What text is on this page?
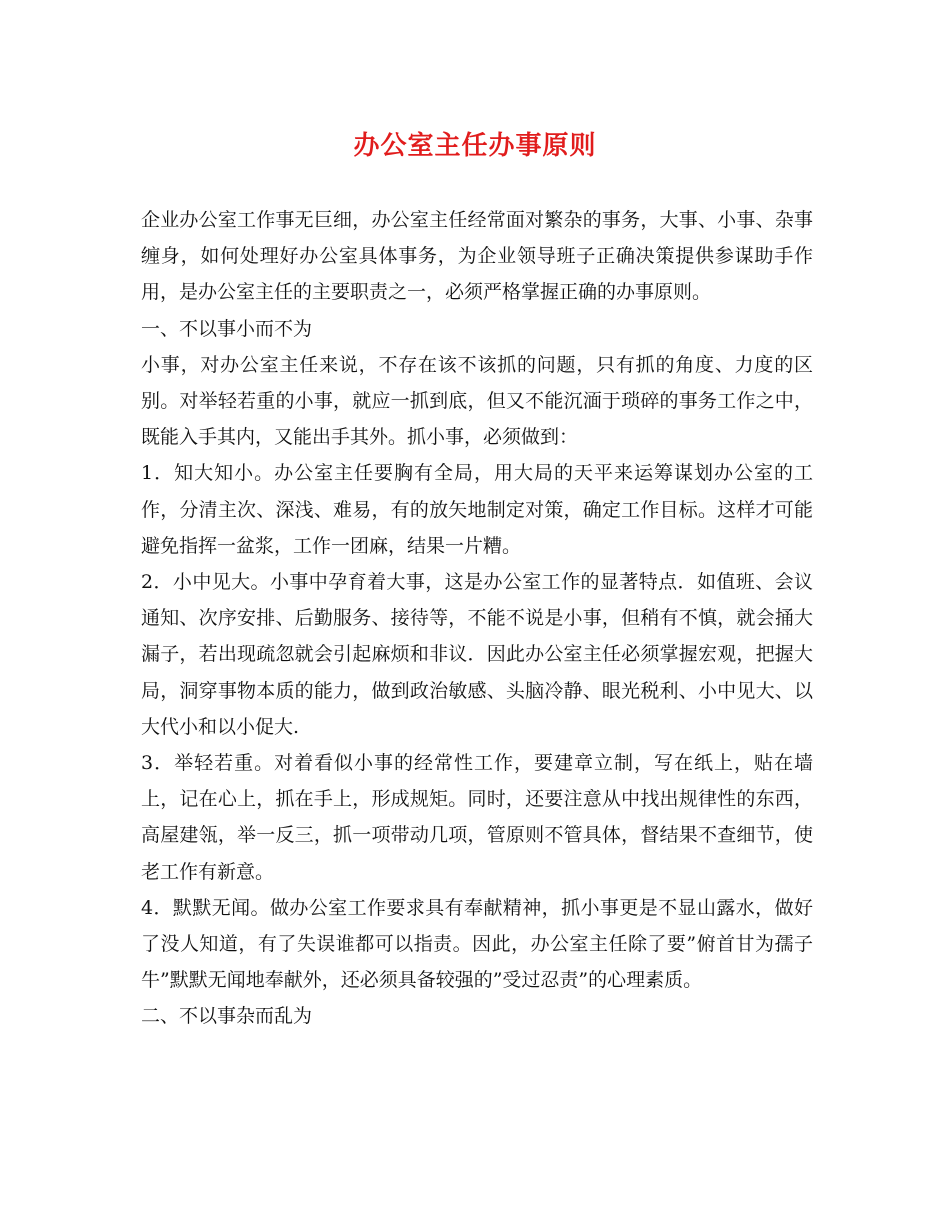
办公室主任办事原则

企业办公室工作事无巨细，办公室主任经常面对繁杂的事务，大事、小事、杂事缠身，如何处理好办公室具体事务，为企业领导班子正确决策提供参谋助手作用，是办公室主任的主要职责之一，必须严格掌握正确的办事原则。

一、不以事小而不为

小事，对办公室主任来说，不存在该不该抓的问题，只有抓的角度、力度的区别。对举轻若重的小事，就应一抓到底，但又不能沉湎于琐碎的事务工作之中，既能入手其内，又能出手其外。抓小事，必须做到：

1．知大知小。办公室主任要胸有全局，用大局的天平来运筹谋划办公室的工作，分清主次、深浅、难易，有的放矢地制定对策，确定工作目标。这样才可能避免指挥一盆浆，工作一团麻，结果一片糟。

2．小中见大。小事中孕育着大事，这是办公室工作的显著特点．如值班、会议通知、次序安排、后勤服务、接待等，不能不说是小事，但稍有不慎，就会捅大漏子，若出现疏忽就会引起麻烦和非议．因此办公室主任必须掌握宏观，把握大局，洞穿事物本质的能力，做到政治敏感、头脑冷静、眼光税利、小中见大、以大代小和以小促大.

3．举轻若重。对着看似小事的经常性工作，要建章立制，写在纸上，贴在墙上，记在心上，抓在手上，形成规矩。同时，还要注意从中找出规律性的东西，高屋建瓴，举一反三，抓一项带动几项，管原则不管具体，督结果不查细节，使老工作有新意。

4．默默无闻。做办公室工作要求具有奉献精神，抓小事更是不显山露水，做好了没人知道，有了失误谁都可以指责。因此，办公室主任除了要”俯首甘为孺子牛”默默无闻地奉献外，还必须具备较强的”受过忍责”的心理素质。

二、不以事杂而乱为
